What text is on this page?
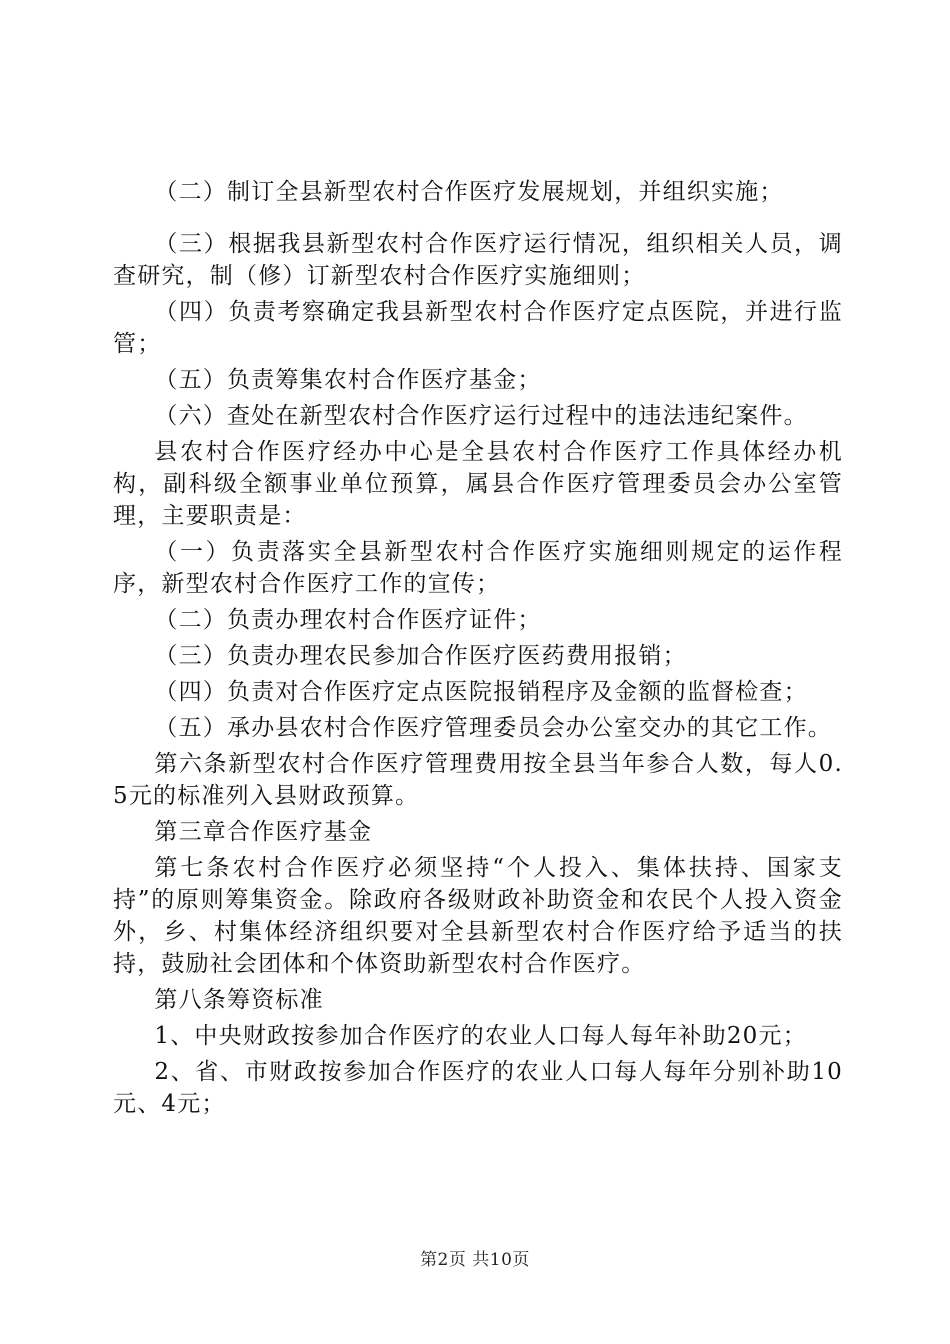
（二）制订全县新型农村合作医疗发展规划，并组织实施；

（三）根据我县新型农村合作医疗运行情况，组织相关人员，调查研究，制（修）订新型农村合作医疗实施细则；

（四）负责考察确定我县新型农村合作医疗定点医院，并进行监管；

（五）负责筹集农村合作医疗基金；

（六）查处在新型农村合作医疗运行过程中的违法违纪案件。

县农村合作医疗经办中心是全县农村合作医疗工作具体经办机构，副科级全额事业单位预算，属县合作医疗管理委员会办公室管理，主要职责是：

（一）负责落实全县新型农村合作医疗实施细则规定的运作程序，新型农村合作医疗工作的宣传；

（二）负责办理农村合作医疗证件；

（三）负责办理农民参加合作医疗医药费用报销；

（四）负责对合作医疗定点医院报销程序及金额的监督检查；

（五）承办县农村合作医疗管理委员会办公室交办的其它工作。

第六条新型农村合作医疗管理费用按全县当年参合人数，每人0.5元的标准列入县财政预算。

第三章合作医疗基金

第七条农村合作医疗必须坚持“个人投入、集体扶持、国家支持”的原则筹集资金。除政府各级财政补助资金和农民个人投入资金外，乡、村集体经济组织要对全县新型农村合作医疗给予适当的扶持，鼓励社会团体和个体资助新型农村合作医疗。

第八条筹资标准

1、中央财政按参加合作医疗的农业人口每人每年补助20元；

2、省、市财政按参加合作医疗的农业人口每人每年分别补助10元、4元；

第2页 共10页
